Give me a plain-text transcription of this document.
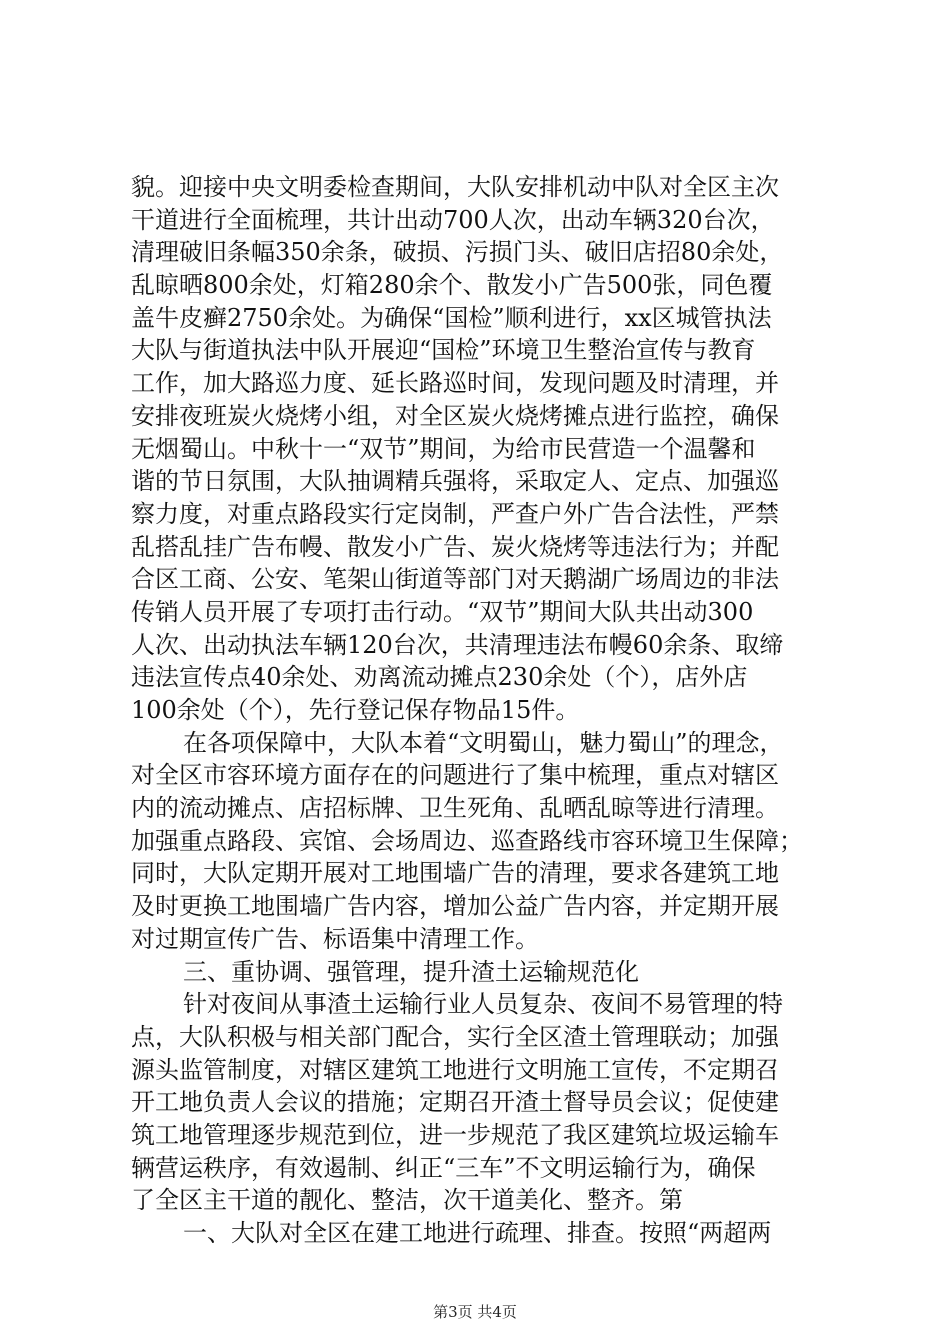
貌。迎接中央文明委检查期间，大队安排机动中队对全区主次
干道进行全面梳理，共计出动700人次，出动车辆320台次，
清理破旧条幅350余条，破损、污损门头、破旧店招80余处，
乱晾晒800余处，灯箱280余个、散发小广告500张，同色覆
盖牛皮癣2750余处。为确保“国检”顺利进行，xx区城管执法
大队与街道执法中队开展迎“国检”环境卫生整治宣传与教育
工作，加大路巡力度、延长路巡时间，发现问题及时清理，并
安排夜班炭火烧烤小组，对全区炭火烧烤摊点进行监控，确保
无烟蜀山。中秋十一“双节”期间，为给市民营造一个温馨和
谐的节日氛围，大队抽调精兵强将，采取定人、定点、加强巡
察力度，对重点路段实行定岗制，严查户外广告合法性，严禁
乱搭乱挂广告布幔、散发小广告、炭火烧烤等违法行为；并配
合区工商、公安、笔架山街道等部门对天鹅湖广场周边的非法
传销人员开展了专项打击行动。“双节”期间大队共出动300
人次、出动执法车辆120台次，共清理违法布幔60余条、取缔
违法宣传点40余处、劝离流动摊点230余处（个），店外店
100余处（个），先行登记保存物品15件。
在各项保障中，大队本着“文明蜀山，魅力蜀山”的理念，
对全区市容环境方面存在的问题进行了集中梳理，重点对辖区
内的流动摊点、店招标牌、卫生死角、乱晒乱晾等进行清理。
加强重点路段、宾馆、会场周边、巡查路线市容环境卫生保障；
同时，大队定期开展对工地围墙广告的清理，要求各建筑工地
及时更换工地围墙广告内容，增加公益广告内容，并定期开展
对过期宣传广告、标语集中清理工作。
三、重协调、强管理，提升渣土运输规范化
针对夜间从事渣土运输行业人员复杂、夜间不易管理的特
点，大队积极与相关部门配合，实行全区渣土管理联动；加强
源头监管制度，对辖区建筑工地进行文明施工宣传，不定期召
开工地负责人会议的措施；定期召开渣土督导员会议；促使建
筑工地管理逐步规范到位，进一步规范了我区建筑垃圾运输车
辆营运秩序，有效遏制、纠正“三车”不文明运输行为，确保
了全区主干道的靓化、整洁，次干道美化、整齐。第
一、大队对全区在建工地进行疏理、排查。按照“两超两
第3页 共4页
